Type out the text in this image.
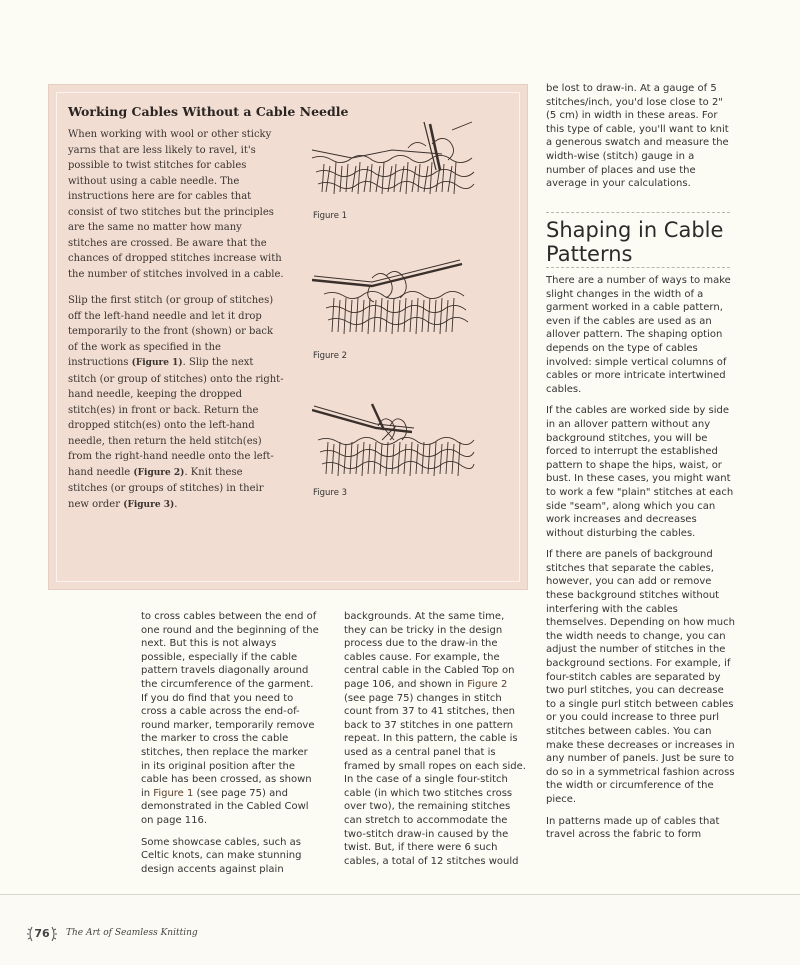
Working Cables Without a Cable Needle

When working with wool or other sticky yarns that are less likely to ravel, it's possible to twist stitches for cables without using a cable needle. The instructions here are for cables that consist of two stitches but the principles are the same no matter how many stitches are crossed. Be aware that the chances of dropped stitches increase with the number of stitches involved in a cable.

Slip the first stitch (or group of stitches) off the left-hand needle and let it drop temporarily to the front (shown) or back of the work as specified in the instructions (Figure 1). Slip the next stitch (or group of stitches) onto the right-hand needle, keeping the dropped stitch(es) in front or back. Return the dropped stitch(es) onto the left-hand needle, then return the held stitch(es) from the right-hand needle onto the left-hand needle (Figure 2). Knit these stitches (or groups of stitches) in their new order (Figure 3).

Figure 1
Figure 2
Figure 3

to cross cables between the end of one round and the beginning of the next. But this is not always possible, especially if the cable pattern travels diagonally around the circumference of the garment. If you do find that you need to cross a cable across the end-of-round marker, temporarily remove the marker to cross the cable stitches, then replace the marker in its original position after the cable has been crossed, as shown in Figure 1 (see page 75) and demonstrated in the Cabled Cowl on page 116.

Some showcase cables, such as Celtic knots, can make stunning design accents against plain

backgrounds. At the same time, they can be tricky in the design process due to the draw-in the cables cause. For example, the central cable in the Cabled Top on page 106, and shown in Figure 2 (see page 75) changes in stitch count from 37 to 41 stitches, then back to 37 stitches in one pattern repeat. In this pattern, the cable is used as a central panel that is framed by small ropes on each side. In the case of a single four-stitch cable (in which two stitches cross over two), the remaining stitches can stretch to accommodate the two-stitch draw-in caused by the twist. But, if there were 6 such cables, a total of 12 stitches would

be lost to draw-in. At a gauge of 5 stitches/inch, you'd lose close to 2" (5 cm) in width in these areas. For this type of cable, you'll want to knit a generous swatch and measure the width-wise (stitch) gauge in a number of places and use the average in your calculations.

Shaping in Cable Patterns

There are a number of ways to make slight changes in the width of a garment worked in a cable pattern, even if the cables are used as an allover pattern. The shaping option depends on the type of cables involved: simple vertical columns of cables or more intricate intertwined cables.

If the cables are worked side by side in an allover pattern without any background stitches, you will be forced to interrupt the established pattern to shape the hips, waist, or bust. In these cases, you might want to work a few "plain" stitches at each side "seam", along which you can work increases and decreases without disturbing the cables.

If there are panels of background stitches that separate the cables, however, you can add or remove these background stitches without interfering with the cables themselves. Depending on how much the width needs to change, you can adjust the number of stitches in the background sections. For example, if four-stitch cables are separated by two purl stitches, you can decrease to a single purl stitch between cables or you could increase to three purl stitches between cables. You can make these decreases or increases in any number of panels. Just be sure to do so in a symmetrical fashion across the width or circumference of the piece.

In patterns made up of cables that travel across the fabric to form

76	The Art of Seamless Knitting
